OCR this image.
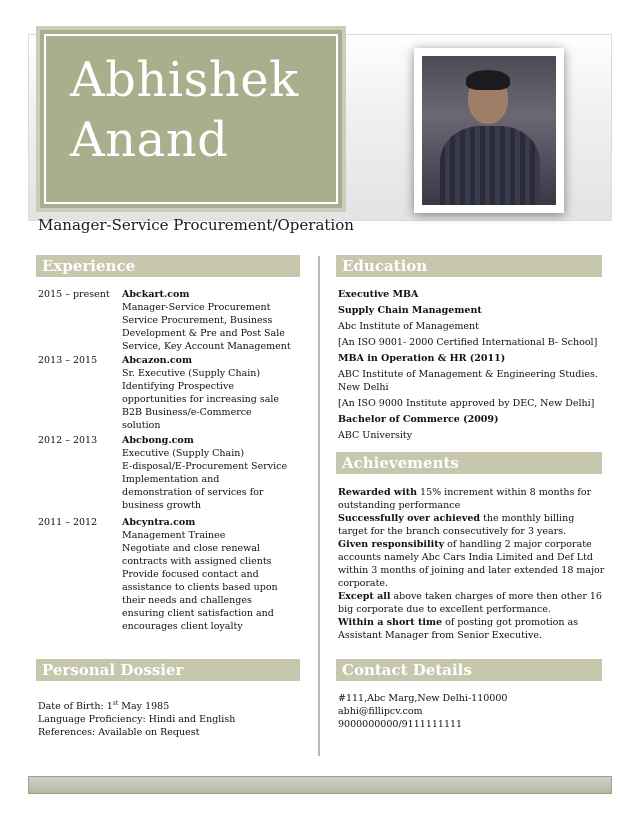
Abhishek
Anand
Manager-Service Procurement/Operation
Experience	Education
Achievements
Personal Dossier	Contact Details
2015 – present	Abckart.com
Manager-Service Procurement
Service Procurement, Business
Development & Pre and Post Sale
Service, Key Account Management
2013 – 2015	Abcazon.com
Sr. Executive (Supply Chain)
Identifying Prospective
opportunities for increasing sale
B2B Business/e-Commerce
solution
2012 – 2013	Abcbong.com
Executive (Supply Chain)
E-disposal/E-Procurement Service
Implementation and
demonstration of services for
business growth
2011 – 2012	Abcyntra.com
Management Trainee
Negotiate and close renewal
contracts with assigned clients
Provide focused contact and
assistance to clients based upon
their needs and challenges
ensuring client satisfaction and
encourages client loyalty
Executive MBA
Supply Chain Management
Abc Institute of Management
[An ISO 9001- 2000 Certified International B- School]
MBA in Operation & HR (2011)
ABC Institute of Management & Engineering Studies. New Delhi
[An ISO 9000 Institute approved by DEC, New Delhi]
Bachelor of Commerce (2009)
ABC University
Rewarded with 15% increment within 8 months for outstanding performance
Successfully over achieved the monthly billing target for the branch consecutively for 3 years.
Given responsibility of handling 2 major corporate accounts namely Abc Cars India Limited and Def Ltd within 3 months of joining and later extended 18 major corporate.
Except all above taken charges of more then other 16 big corporate due to excellent performance.
Within a short time of posting got promotion as Assistant Manager from Senior Executive.
Date of Birth: 1st May 1985
Language Proficiency: Hindi and English
References: Available on Request
#111,Abc Marg,New Delhi-110000
abhi@fillipcv.com
9000000000/9111111111
